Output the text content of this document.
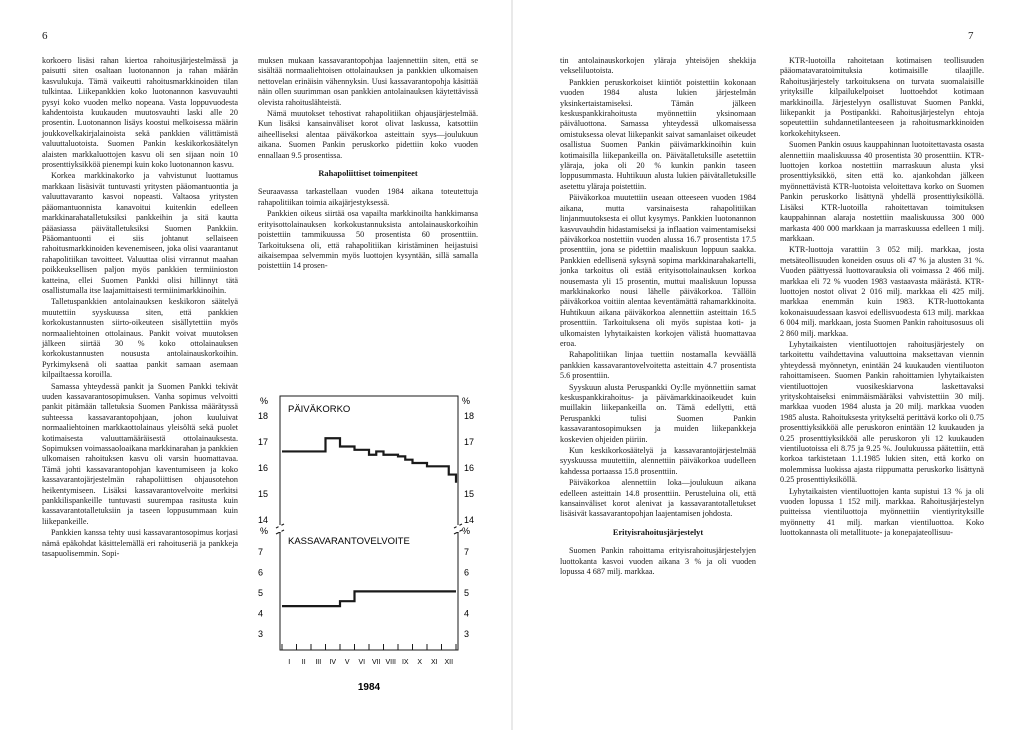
6	7

korkoero lisäsi rahan kiertoa rahoitusjärjestelmässä ja paisutti siten osaltaan luotonannon ja rahan määrän kasvulukuja. Tämä vaikeutti rahoitusmarkkinoiden tilan tulkintaa. Liikepankkien koko luotonannon kasvuvauhti pysyi koko vuoden melko nopeana. Vasta loppuvuodesta kahdentoista kuukauden muutosvauhti laski alle 20 prosentin. Luotonannon lisäys koostui melkoisessa määrin joukkovelkakirjalainoista sekä pankkien välittämistä valuuttaluotoista. Suomen Pankin keskikorkosäätelyn alaisten markkaluottojen kasvu oli sen sijaan noin 10 prosenttiyksikköä pienempi kuin koko luotonannon kasvu.

Korkea markkinakorko ja vahvistunut luottamus markkaan lisäsivät tuntuvasti yritysten pääomantuontia ja valuuttavaranto kasvoi nopeasti. Valtaosa yritysten pääomantuonnista kanavoitui kuitenkin edelleen markkinarahatalletuksiksi pankkeihin ja sitä kautta pääasiassa päivätalletuksiksi Suomen Pankkiin. Pääomantuonti ei siis johtanut sellaiseen rahoitusmarkkinoiden kevenemiseen, joka olisi vaarantanut rahapolitiikan tavoitteet. Valuuttaa olisi virrannut maahan poikkeuksellisen paljon myös pankkien termiinioston katteina, ellei Suomen Pankki olisi hillinnyt tätä osallistumalla itse laajamittaisesti termiinimarkkinoihin.

Talletuspankkien antolainauksen keskikoron säätelyä muutettiin syyskuussa siten, että pankkien korkokustannusten siirto-oikeuteen sisällytettiin myös normaaliehtoinen ottolainaus. Pankit voivat muutoksen jälkeen siirtää 30 % koko ottolainauksen korkokustannusten noususta antolainauskorkoihin. Pyrkimyksenä oli saattaa pankit samaan asemaan kilpailtaessa koroilla.

Samassa yhteydessä pankit ja Suomen Pankki tekivät uuden kassavarantosopimuksen. Vanha sopimus velvoitti pankit pitämään talletuksia Suomen Pankissa määrätyssä suhteessa kassavarantopohjaan, johon kuuluivat normaaliehtoinen markkaottolainaus yleisöltä sekä puolet kotimaisesta valuuttamääräisestä ottolainauksesta. Sopimuksen voimassaoloaikana markkinarahan ja pankkien ulkomaisen rahoituksen kasvu oli varsin huomattavaa. Tämä johti kassavarantopohjan kaventumiseen ja koko kassavarantojärjestelmän rahapoliittisen ohjausotehon heikentymiseen. Lisäksi kassavarantovelvoite merkitsi pankkilispankeille tuntuvasti suurempaa rasitusta kuin kassavarantotalletuksiin ja taseen loppusummaan kuin liikepankeille.

Pankkien kanssa tehty uusi kassavarantosopimus korjasi nämä epäkohdat käsittelemällä eri rahoituseriä ja pankkeja tasapuolisemmin. Sopi-

muksen mukaan kassavarantopohjaa laajennettiin siten, että se sisältää normaaliehtoisen ottolainauksen ja pankkien ulkomaisen nettovelan erinäisin vähennyksin. Uusi kassavarantopohja käsittää näin ollen suurimman osan pankkien antolainauksen käytettävissä olevista rahoituslähteistä.

Nämä muutokset tehostivat rahapolitiikan ohjausjärjestelmää. Kun lisäksi kansainväliset korot olivat laskussa, katsottiin aiheelliseksi alentaa päiväkorkoa asteittain syys—joulukuun aikana. Suomen Pankin peruskorko pidettiin koko vuoden ennallaan 9.5 prosentissa.

Rahapoliittiset toimenpiteet

Seuraavassa tarkastellaan vuoden 1984 aikana toteutettuja rahapolitiikan toimia aikajärjestyksessä.

Pankkien oikeus siirtää osa vapailta markkinoilta hankkimansa erityisottolainauksen korkokustannuksista antolainauskorkoihin poistettiin tammikuussa 50 prosentista 60 prosenttiin. Tarkoituksena oli, että rahapolitiikan kiristäminen heijastuisi aikaisempaa selvemmin myös luottojen kysyntään, sillä samalla poistettiin 14 prosen-

%	%
%	%
PÄIVÄKORKO
KASSAVARANTOVELVOITE
1984
18	18
17	17
16	16
15	15
14	14
7	7
6	6
5	5
4	4
3	3
I II III IV V VI VII VIII IX X XI XII

tin antolainauskorkojen yläraja yhteisöjen shekkija vekseliluotoista.

Pankkien peruskorkoiset kiintiöt poistettiin kokonaan vuoden 1984 alusta lukien järjestelmän yksinkertaistamiseksi. Tämän jälkeen keskuspankkirahoitusta myönnettiin yksinomaan päiväluottona. Samassa yhteydessä ulkomaisessa omistuksessa olevat liikepankit saivat samanlaiset oikeudet osallistua Suomen Pankin päivämarkkinoihin kuin kotimaisilla liikepankeilla on. Päivätalletuksille asetettiin yläraja, joka oli 20 % kunkin pankin taseen loppusummasta. Huhtikuun alusta lukien päivätalletuksille asetettu yläraja poistettiin.

Päiväkorkoa muutettiin useaan otteeseen vuoden 1984 aikana, mutta varsinaisesta rahapolitiikan linjanmuutoksesta ei ollut kysymys. Pankkien luotonannon kasvuvauhdin hidastamiseksi ja inflaation vaimentamiseksi päiväkorkoa nostettiin vuoden alussa 16.7 prosentista 17.5 prosenttiin, jona se pidettiin maaliskuun loppuun saakka. Pankkien edellisenä syksynä sopima markkinarahakartelli, jonka tarkoitus oli estää erityisottolainauksen korkoa nousemasta yli 15 prosentin, muttui maaliskuun lopussa markkinakorko nousi lähelle päiväkorkoa. Tällöin päiväkorkoa voitiin alentaa keventämättä rahamarkkinoita. Huhtikuun aikana päiväkorkoa alennettiin asteittain 16.5 prosenttiin. Tarkoituksena oli myös supistaa koti- ja ulkomaisten lyhytaikaisten korkojen välistä huomattavaa eroa.

Rahapolitiikan linjaa tuettiin nostamalla kevväällä pankkien kassavarantovelvoitetta asteittain 4.7 prosentista 5.6 prosenttiin.

Syyskuun alusta Peruspankki Oy:lle myönnettiin samat keskuspankkirahoitus- ja päivämarkkinaoikeudet kuin muillakin liikepankeilla on. Tämä edellytti, että Peruspankki tulisi Suomen Pankin kassavarantosopimuksen ja muiden liikepankkeja koskevien ohjeiden piiriin.

Kun keskikorkosäätelyä ja kassavarantojärjestelmää syyskuussa muutettiin, alennettiin päiväkorkoa uudelleen kahdessa portaassa 15.8 prosenttiin.

Päiväkorkoa alennettiin loka—joulukuun aikana edelleen asteittain 14.8 prosenttiin. Perusteluina oli, että kansainväliset korot alenivat ja kassavarantotalletukset lisäsivät kassavarantopohjan laajentamisen johdosta.

Erityisrahoitusjärjestelyt

Suomen Pankin rahoittama erityisrahoitusjärjestelyjen luottokanta kasvoi vuoden aikana 3 % ja oli vuoden lopussa 4 687 milj. markkaa.

KTR-luotoilla rahoitetaan kotimaisen teollisuuden pääomatavaratoimituksia kotimaisille tilaajille. Rahoitusjärjestely tarkoituksena on turvata suomalaisille yrityksille kilpailukelpoiset luottoehdot kotimaan markkinoilla. Järjestelyyn osallistuvat Suomen Pankki, liikepankit ja Postipankki. Rahoitusjärjestelyn ehtoja sopeutettiin suhdannetilanteeseen ja rahoitusmarkkinoiden korkokehitykseen.

Suomen Pankin osuus kauppahinnan luotoitettavasta osasta alennettiin maaliskuussa 40 prosentista 30 prosenttiin. KTR-luottojen korkoa nostettiin marraskuun alusta yksi prosenttiyksikkö, siten että ko. ajankohdan jälkeen myönnettävistä KTR-luotoista veloitettava korko on Suomen Pankin peruskorko lisättynä yhdellä prosenttiyksiköllä. Lisäksi KTR-luotoilla rahoitettavan toimituksen kauppahinnan alaraja nostettiin maaliskuussa 300 000 markasta 400 000 markkaan ja marraskuussa edelleen 1 milj. markkaan.

KTR-luottoja varattiin 3 052 milj. markkaa, josta metsäteollisuuden koneiden osuus oli 47 % ja alusten 31 %. Vuoden päättyessä luottovarauksia oli voimassa 2 466 milj. markkaa eli 72 % vuoden 1983 vastaavasta määrästä. KTR-luottojen nostot olivat 2 016 milj. markkaa eli 425 milj. markkaa enemmän kuin 1983. KTR-luottokanta kokonaisuudessaan kasvoi edellisvuodesta 613 milj. markkaa 6 004 milj. markkaan, josta Suomen Pankin rahoitusosuus oli 2 860 milj. markkaa.

Lyhytaikaisten vientiluottojen rahoitusjärjestely on tarkoitettu vaihdettavina valuuttoina maksettavan viennin yhteydessä myönnetyn, enintään 24 kuukauden vientiluoton rahoittamiseen. Suomen Pankin rahoittamien lyhytaikaisten vientiluottojen vuosikeskiarvona laskettavaksi yrityskohtaiseksi enimmäismääräksi vahvistettiin 30 milj. markkaa vuoden 1984 alusta ja 20 milj. markkaa vuoden 1985 alusta. Rahoituksesta yritykseltä perittävä korko oli 0.75 prosenttiyksikköä alle peruskoron enintään 12 kuukauden ja 0.25 prosenttiyksikköä alle peruskoron yli 12 kuukauden vientiluotoissa eli 8.75 ja 9.25 %. Joulukuussa päätettiin, että korkoa tarkistetaan 1.1.1985 lukien siten, että korko on molemmissa luokissa ajasta riippumatta peruskorko lisättynä 0.25 prosenttiyksiköllä.

Lyhytaikaisten vientiluottojen kanta supistui 13 % ja oli vuoden lopussa 1 152 milj. markkaa. Rahoitusjärjestelyn puitteissa vientiluottoja myönnettiin vientiyrityksille myönnetty 41 milj. markan vientiluottoa. Koko luottokannasta oli metallituote- ja konepajateollisuu-
